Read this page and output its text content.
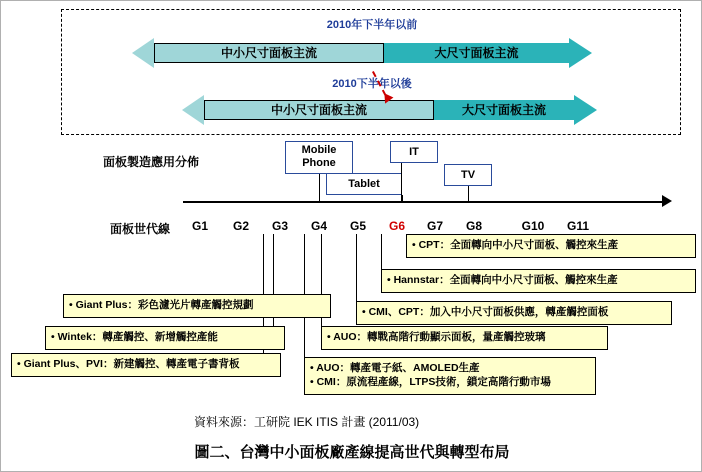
2010年下半年以前
中小尺寸面板主流	大尺寸面板主流
2010下半年以後
中小尺寸面板主流	大尺寸面板主流
面板製造應用分佈
Mobile
Phone
Tablet
IT
TV
面板世代線	G1	G2	G3	G4	G5	G6	G7	G8	G10	G11
• CPT：全面轉向中小尺寸面板、觸控來生產
• Hannstar：全面轉向中小尺寸面板、觸控來生產
• CMI、CPT：加入中小尺寸面板供應，轉產觸控面板
• AUO：轉戰高階行動顯示面板，量產觸控玻璃
• Giant Plus：彩色濾光片轉產觸控規劃
• Wintek：轉產觸控、新增觸控產能
• Giant Plus、PVI：新建觸控、轉產電子書背板	• AUO：轉產電子紙、AMOLED生產
• CMI：原流程產線，LTPS技術，鎖定高階行動市場
資料來源：工研院 IEK ITIS 計畫 (2011/03)
圖二、台灣中小面板廠產線提高世代與轉型布局
